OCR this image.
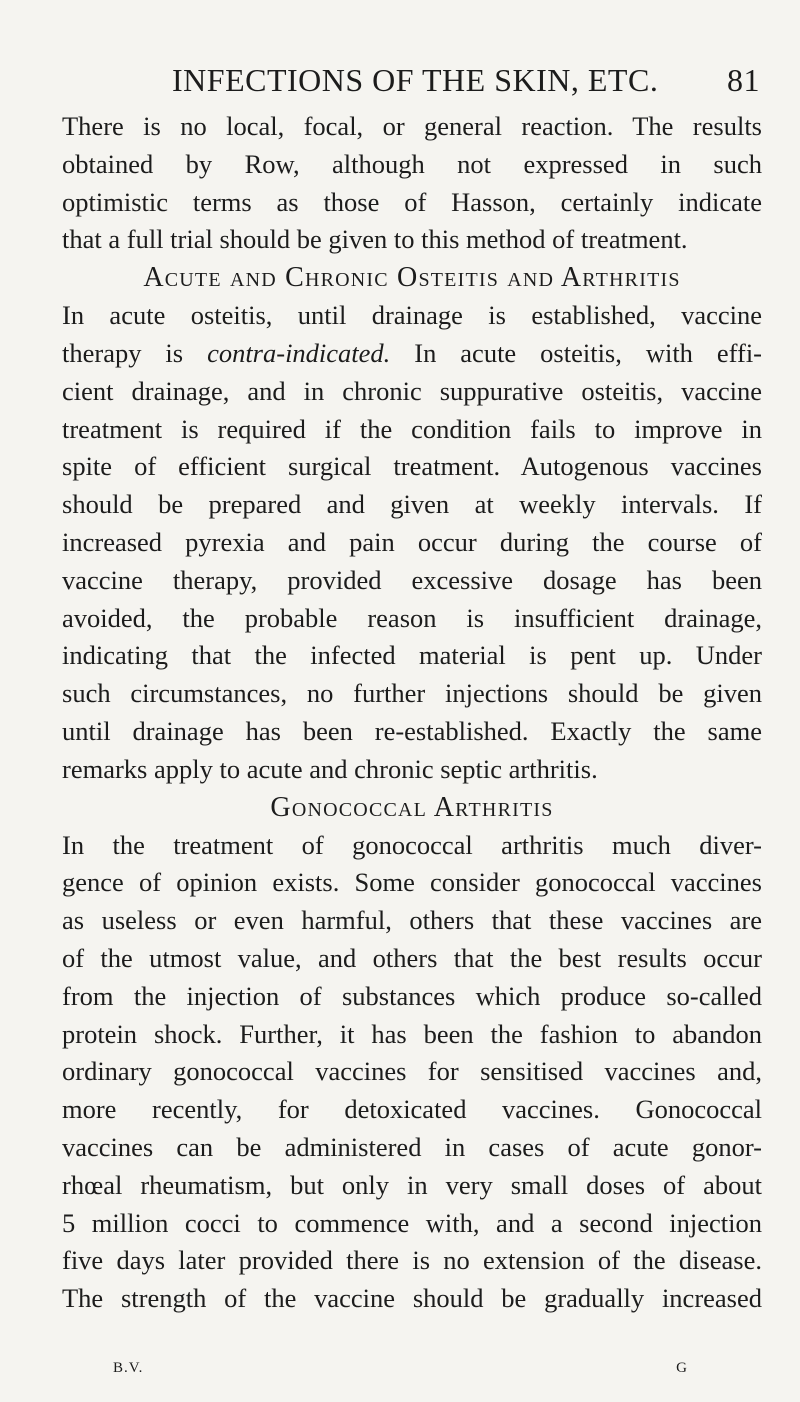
INFECTIONS OF THE SKIN, ETC. 81

There is no local, focal, or general reaction. The results
obtained by Row, although not expressed in such
optimistic terms as those of Hasson, certainly indicate
that a full trial should be given to this method of treatment.

Acute and Chronic Osteitis and Arthritis

In acute osteitis, until drainage is established, vaccine
therapy is contra-indicated. In acute osteitis, with effi-
cient drainage, and in chronic suppurative osteitis, vaccine
treatment is required if the condition fails to improve in
spite of efficient surgical treatment. Autogenous vaccines
should be prepared and given at weekly intervals. If
increased pyrexia and pain occur during the course of
vaccine therapy, provided excessive dosage has been
avoided, the probable reason is insufficient drainage,
indicating that the infected material is pent up. Under
such circumstances, no further injections should be given
until drainage has been re-established. Exactly the same
remarks apply to acute and chronic septic arthritis.

Gonococcal Arthritis

In the treatment of gonococcal arthritis much diver-
gence of opinion exists. Some consider gonococcal vaccines
as useless or even harmful, others that these vaccines are
of the utmost value, and others that the best results occur
from the injection of substances which produce so-called
protein shock. Further, it has been the fashion to abandon
ordinary gonococcal vaccines for sensitised vaccines and,
more recently, for detoxicated vaccines. Gonococcal
vaccines can be administered in cases of acute gonor-
rhœal rheumatism, but only in very small doses of about
5 million cocci to commence with, and a second injection
five days later provided there is no extension of the disease.
The strength of the vaccine should be gradually increased

B.V.	G
